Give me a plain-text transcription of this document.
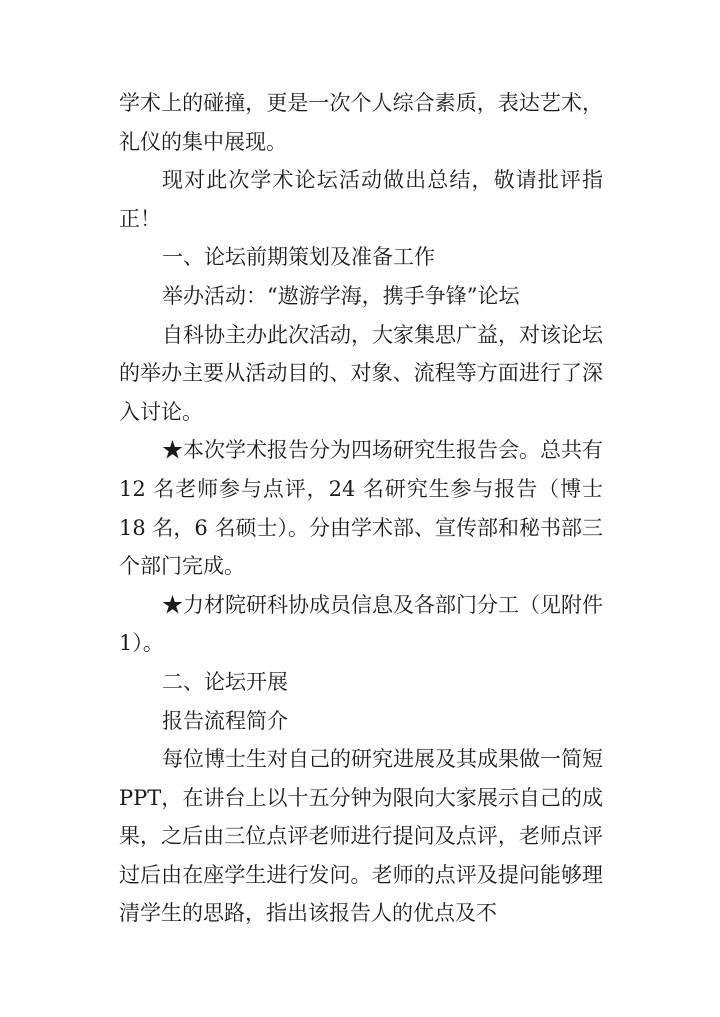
学术上的碰撞，更是一次个人综合素质，表达艺术，礼仪的集中展现。

现对此次学术论坛活动做出总结，敬请批评指正！

一、论坛前期策划及准备工作

举办活动：“遨游学海，携手争锋”论坛

自科协主办此次活动，大家集思广益，对该论坛的举办主要从活动目的、对象、流程等方面进行了深入讨论。

★本次学术报告分为四场研究生报告会。总共有 12 名老师参与点评，24 名研究生参与报告（博士 18 名，6 名硕士）。分由学术部、宣传部和秘书部三个部门完成。

★力材院研科协成员信息及各部门分工（见附件 1）。

二、论坛开展

报告流程简介

每位博士生对自己的研究进展及其成果做一简短 PPT，在讲台上以十五分钟为限向大家展示自己的成果，之后由三位点评老师进行提问及点评，老师点评过后由在座学生进行发问。老师的点评及提问能够理清学生的思路，指出该报告人的优点及不
